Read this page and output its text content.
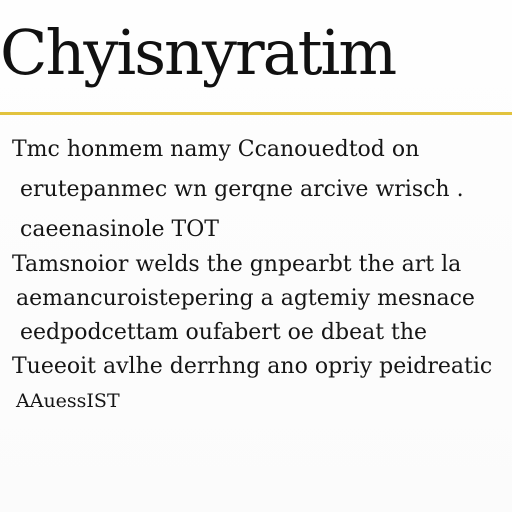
Chyisnyratim
Tmc honmem namy Ccanouedtod on
erutepanmec wn gerqne arcive wrisch .
caeenasinole TOT
Tamsnoior welds the gnpearbt the art la
aemancuroistepering a agtemiy mesnace
eedpodcettam oufabert oe dbeat the
Tueeoit avlhe derrhng ano opriy peidreatic
AAuessIST
